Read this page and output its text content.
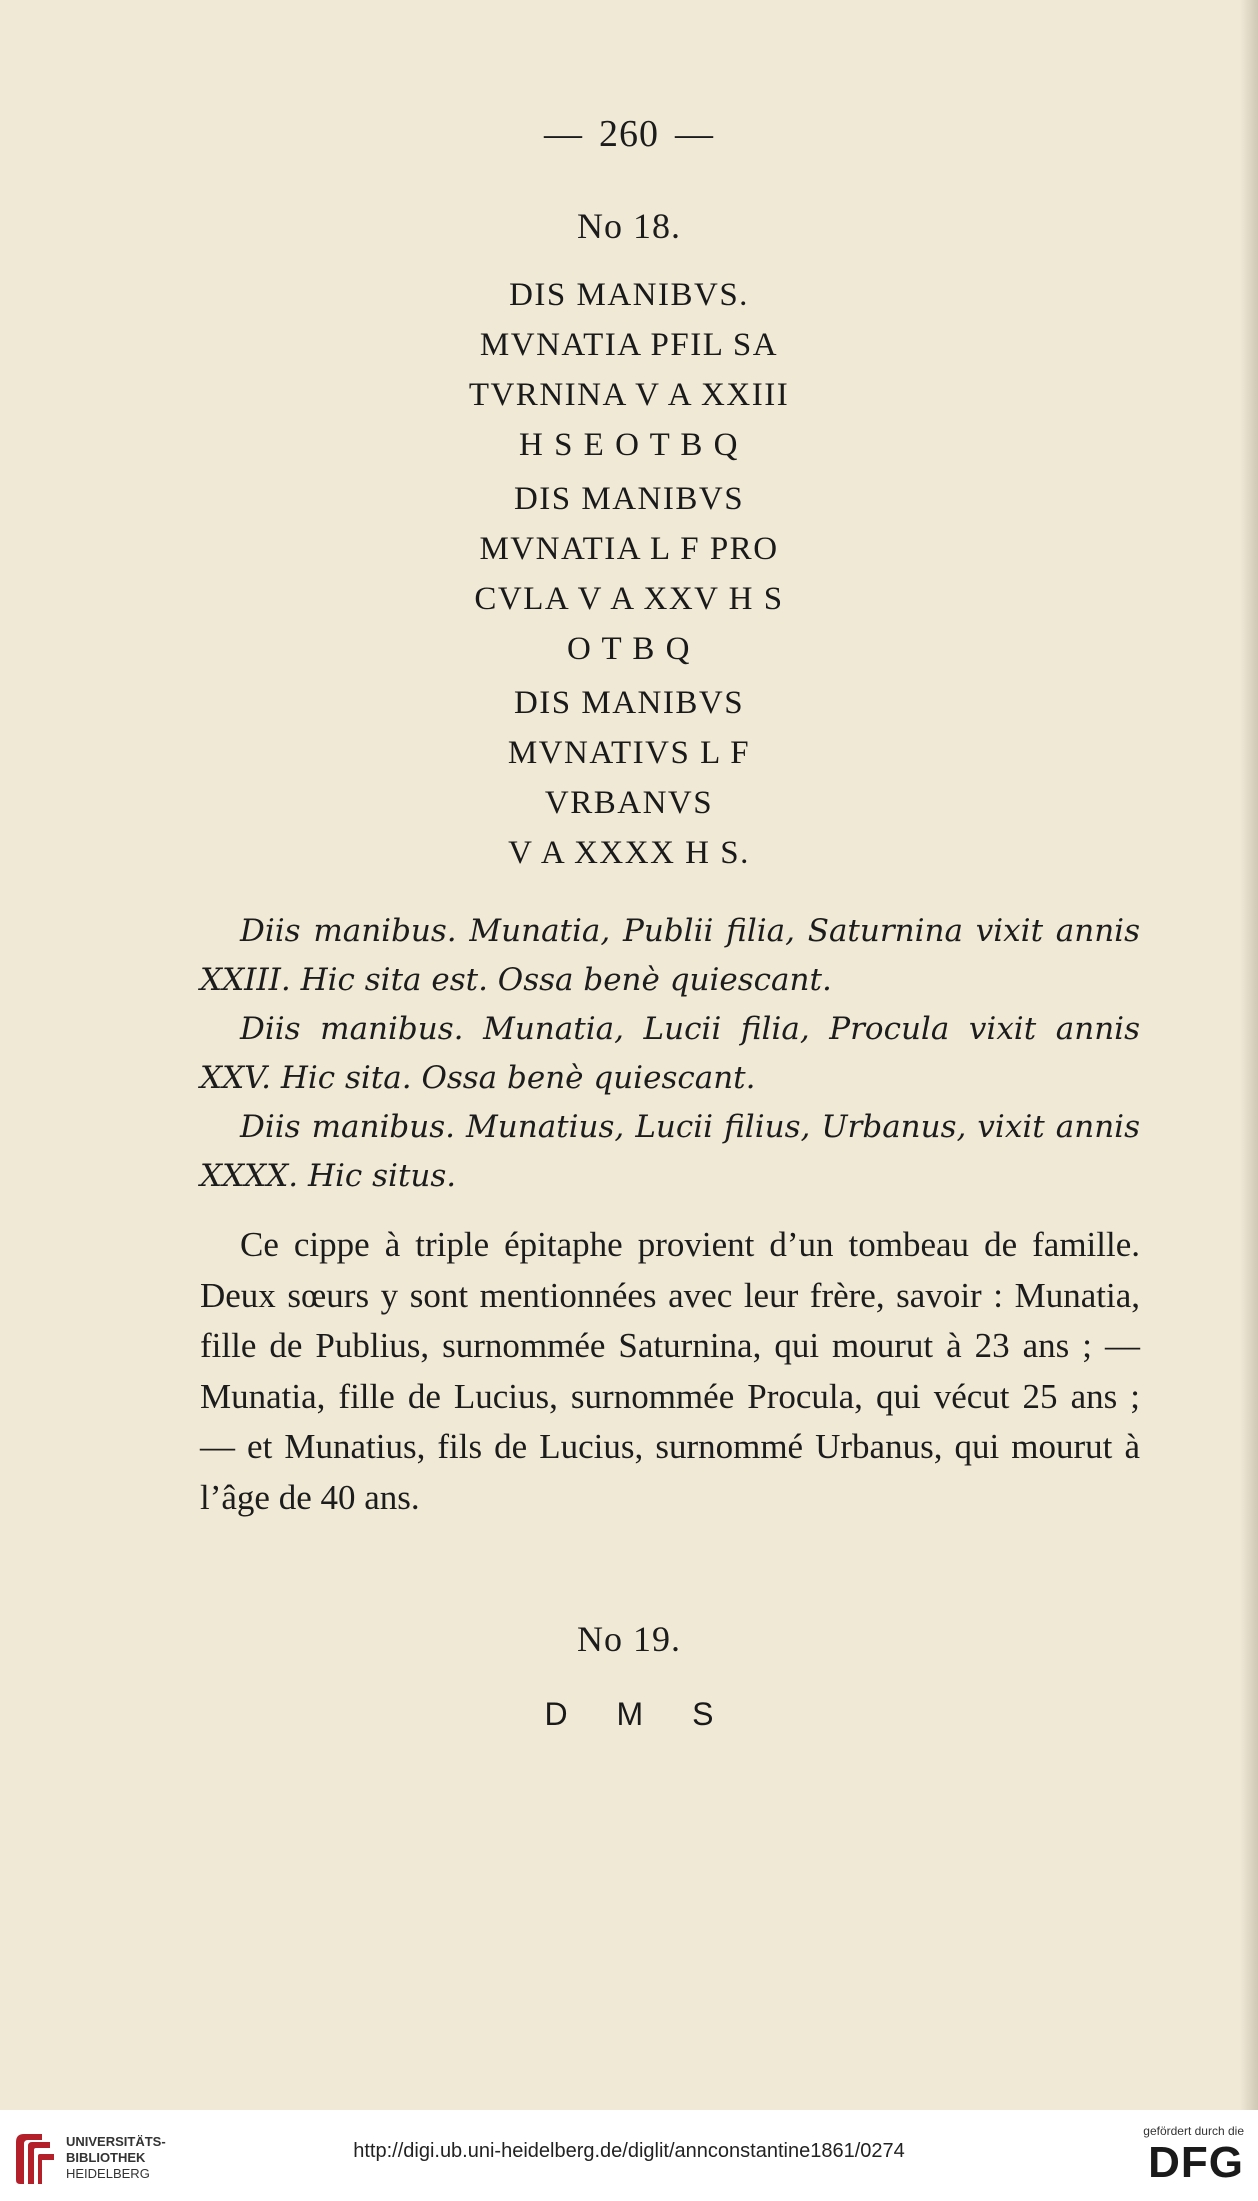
— 260 —
No 18.
DIS MANIBVS.
MVNATIA PFIL SA
TVRNINA V A XXIII
H S E O T B Q
DIS MANIBVS
MVNATIA L F PRO
CVLA V A XXV H S
O T B Q
DIS MANIBVS
MVNATIVS L F
VRBANVS
V A XXXX H S.

Diis manibus. Munatia, Publii filia, Saturnina vixit annis XXIII. Hic sita est. Ossa benè quiescant.

Diis manibus. Munatia, Lucii filia, Procula vixit annis XXV. Hic sita. Ossa benè quiescant.

Diis manibus. Munatius, Lucii filius, Urbanus, vixit annis XXXX. Hic situs.

Ce cippe à triple épitaphe provient d’un tombeau de famille. Deux sœurs y sont mentionnées avec leur frère, savoir : Munatia, fille de Publius, surnommée Saturnina, qui mourut à 23 ans ; — Munatia, fille de Lucius, surnommée Procula, qui vécut 25 ans ; — et Munatius, fils de Lucius, surnommé Urbanus, qui mourut à l’âge de 40 ans.

No 19.
D M S
UNIVERSITÄTS-
BIBLIOTHEK
HEIDELBERG
http://digi.ub.uni-heidelberg.de/diglit/annconstantine1861/0274
gefördert durch die
DFG
